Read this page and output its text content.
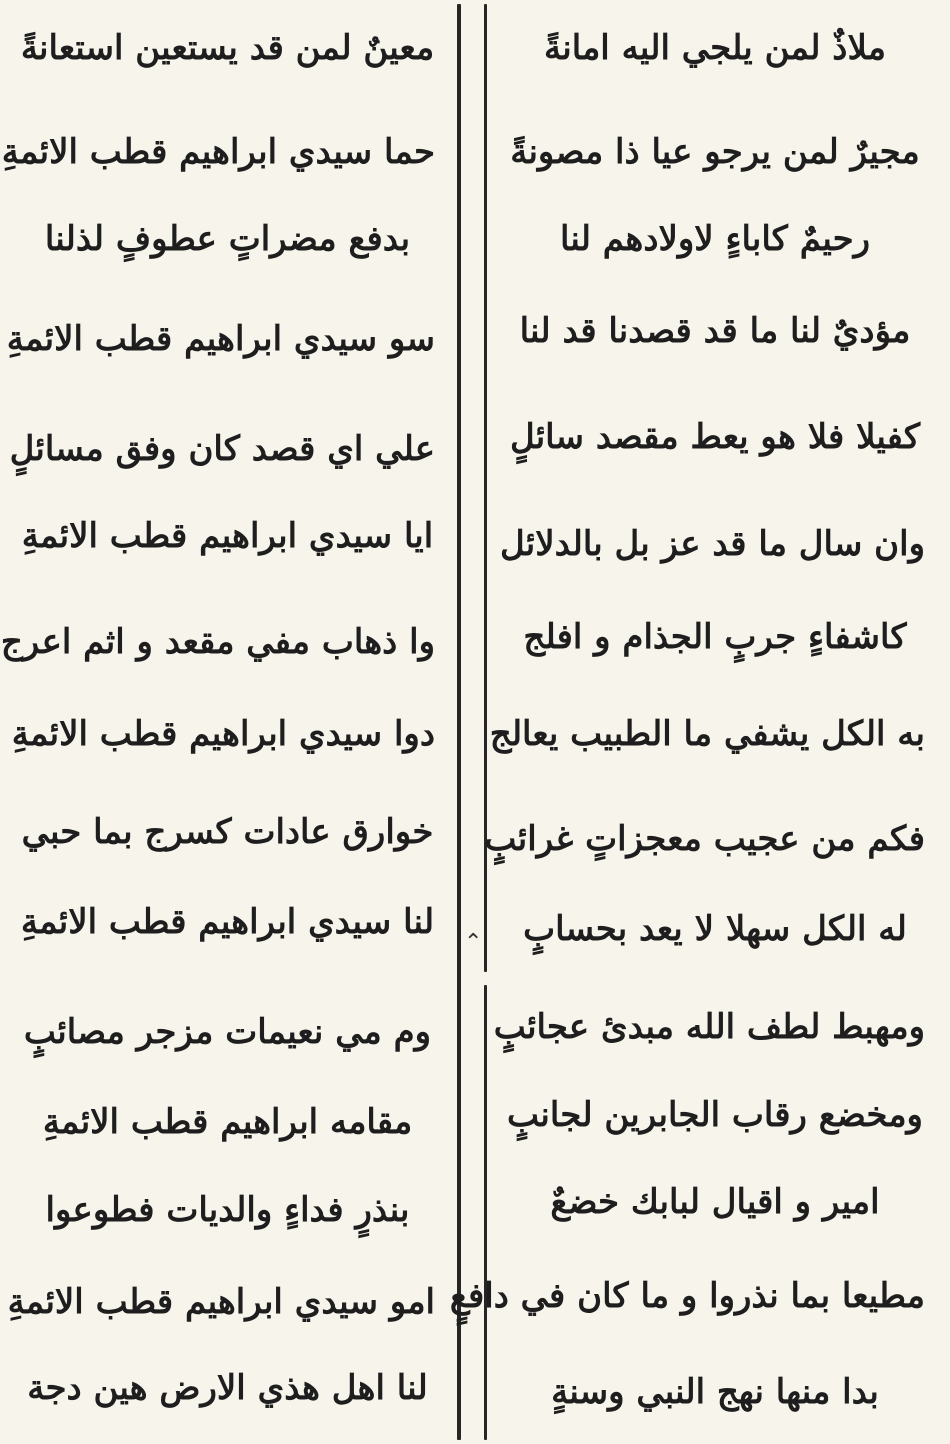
⌃
ملاذٌ لمن يلجي اليه امانةً
مجيرٌ لمن يرجو عيا ذا مصونةً
رحيمٌ كاباءٍ لاولادهم لنا
مؤديٌ لنا ما قد قصدنا قد لنا
كفيلا فلا هو يعط مقصد سائلٍ
وان سال ما قد عز بل بالدلائل
كاشفاءٍ جربٍ الجذام و افلج
به الكل يشفي ما الطبيب يعالج
فكم من عجيب معجزاتٍ غرائبٍ
له الكل سهلا لا يعد بحسابٍ
ومهبط لطف الله مبدئ عجائبٍ
ومخضع رقاب الجابرين لجانبٍ
امير و اقيال لبابك خضعٌ
مطيعا بما نذروا و ما كان في دافعٍ
بدا منها نهج النبي وسنةٍ
معينٌ لمن قد يستعين استعانةً
حما سيدي ابراهيم قطب الائمةِ
بدفع مضراتٍ عطوفٍ لذلنا
سو سيدي ابراهيم قطب الائمةِ
علي اي قصد كان وفق مسائلٍ
ايا سيدي ابراهيم قطب الائمةِ
وا ذهاب مفي مقعد و اثم اعرج
دوا سيدي ابراهيم قطب الائمةِ
خوارق عادات كسرج بما حبي
لنا سيدي ابراهيم قطب الائمةِ
وم مي نعيمات مزجر مصائبٍ
مقامه ابراهيم قطب الائمةِ
بنذرٍ فداءٍ والديات فطوعوا
امو سيدي ابراهيم قطب الائمةِ
لنا اهل هذي الارض هين دجة
